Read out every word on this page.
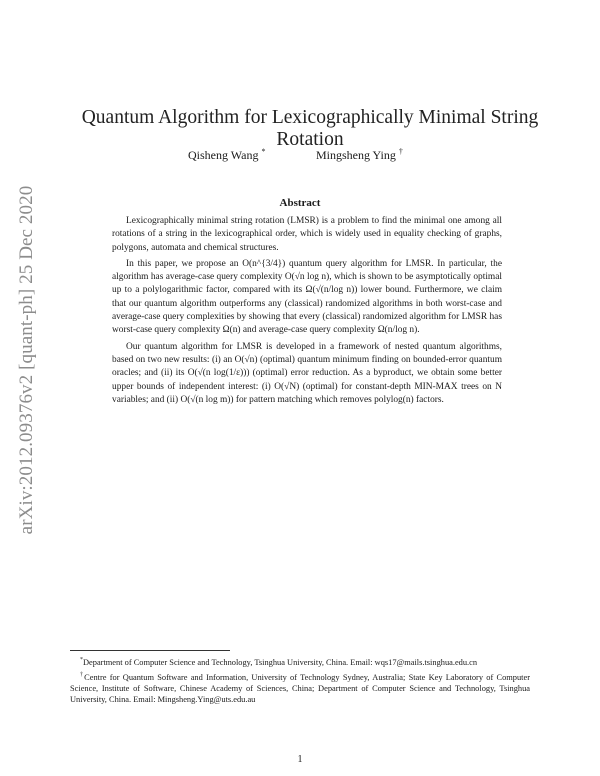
arXiv:2012.09376v2 [quant-ph] 25 Dec 2020
Quantum Algorithm for Lexicographically Minimal String Rotation
Qisheng Wang *	Mingsheng Ying †
Abstract

Lexicographically minimal string rotation (LMSR) is a problem to find the minimal one among all rotations of a string in the lexicographical order, which is widely used in equality checking of graphs, polygons, automata and chemical structures.

In this paper, we propose an O(n^{3/4}) quantum query algorithm for LMSR. In particular, the algorithm has average-case query complexity O(√n log n), which is shown to be asymptotically optimal up to a polylogarithmic factor, compared with its Ω(√(n/log n)) lower bound. Furthermore, we claim that our quantum algorithm outperforms any (classical) randomized algorithms in both worst-case and average-case query complexities by showing that every (classical) randomized algorithm for LMSR has worst-case query complexity Ω(n) and average-case query complexity Ω(n/log n).

Our quantum algorithm for LMSR is developed in a framework of nested quantum algorithms, based on two new results: (i) an O(√n) (optimal) quantum minimum finding on bounded-error quantum oracles; and (ii) its O(√(n log(1/ε))) (optimal) error reduction. As a byproduct, we obtain some better upper bounds of independent interest: (i) O(√N) (optimal) for constant-depth MIN-MAX trees on N variables; and (ii) O(√(n log m)) for pattern matching which removes polylog(n) factors.

*Department of Computer Science and Technology, Tsinghua University, China. Email: wqs17@mails.tsinghua.edu.cn

†Centre for Quantum Software and Information, University of Technology Sydney, Australia; State Key Laboratory of Computer Science, Institute of Software, Chinese Academy of Sciences, China; Department of Computer Science and Technology, Tsinghua University, China. Email: Mingsheng.Ying@uts.edu.au

1
